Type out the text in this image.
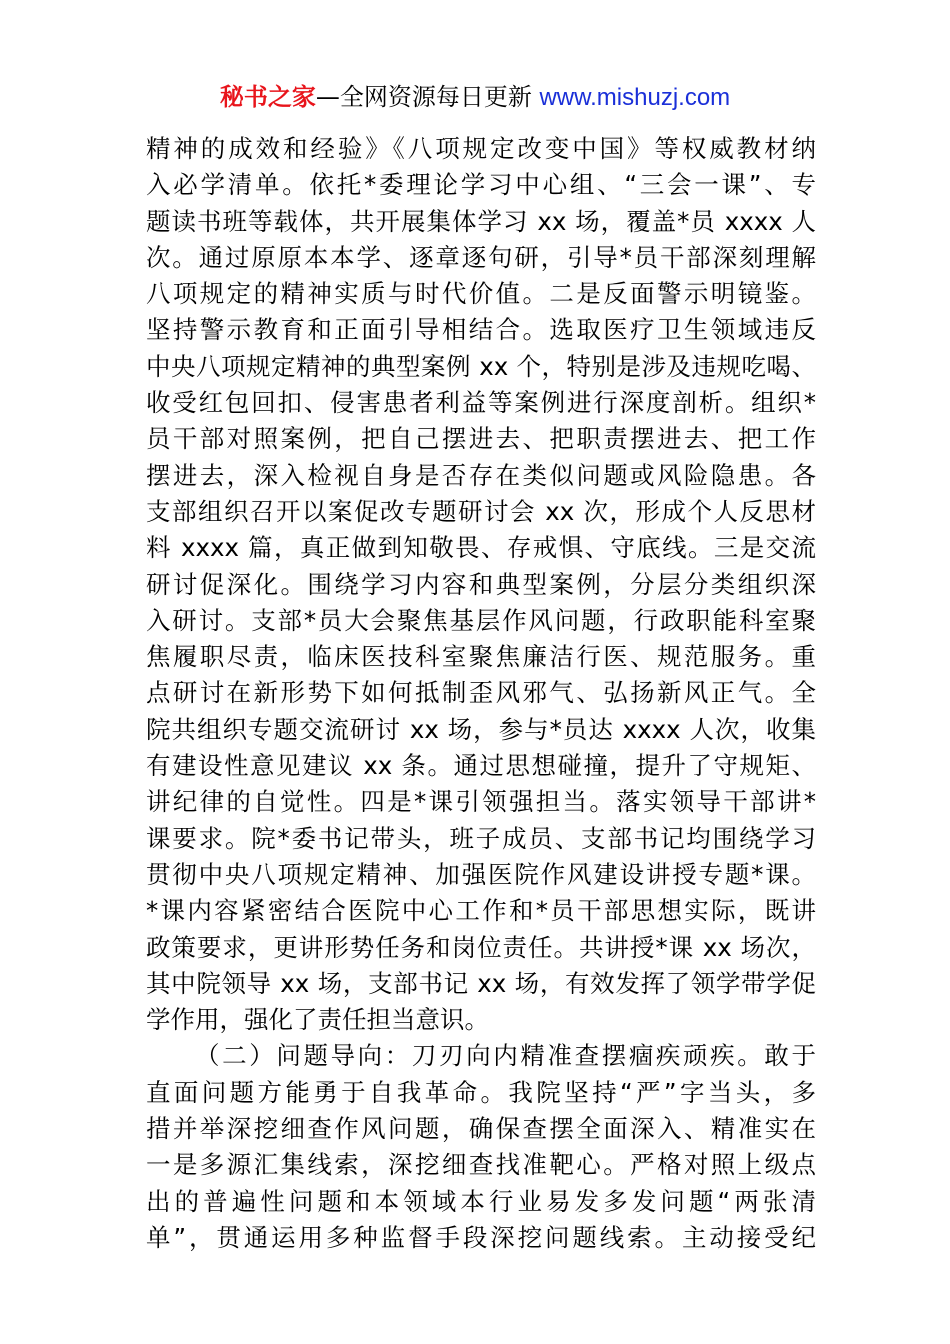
秘书之家—全网资源每日更新 www.mishuzj.com
精神的成效和经验》《八项规定改变中国》等权威教材纳
入必学清单。依托*委理论学习中心组、“三会一课”、专
题读书班等载体，共开展集体学习 xx 场，覆盖*员 xxxx 人
次。通过原原本本学、逐章逐句研，引导*员干部深刻理解
八项规定的精神实质与时代价值。二是反面警示明镜鉴。
坚持警示教育和正面引导相结合。选取医疗卫生领域违反
中央八项规定精神的典型案例 xx 个，特别是涉及违规吃喝、
收受红包回扣、侵害患者利益等案例进行深度剖析。组织*
员干部对照案例，把自己摆进去、把职责摆进去、把工作
摆进去，深入检视自身是否存在类似问题或风险隐患。各
支部组织召开以案促改专题研讨会 xx 次，形成个人反思材
料 xxxx 篇，真正做到知敬畏、存戒惧、守底线。三是交流
研讨促深化。围绕学习内容和典型案例，分层分类组织深
入研讨。支部*员大会聚焦基层作风问题，行政职能科室聚
焦履职尽责，临床医技科室聚焦廉洁行医、规范服务。重
点研讨在新形势下如何抵制歪风邪气、弘扬新风正气。全
院共组织专题交流研讨 xx 场，参与*员达 xxxx 人次，收集
有建设性意见建议 xx 条。通过思想碰撞，提升了守规矩、
讲纪律的自觉性。四是*课引领强担当。落实领导干部讲*
课要求。院*委书记带头，班子成员、支部书记均围绕学习
贯彻中央八项规定精神、加强医院作风建设讲授专题*课。
*课内容紧密结合医院中心工作和*员干部思想实际，既讲
政策要求，更讲形势任务和岗位责任。共讲授*课 xx 场次，
其中院领导 xx 场，支部书记 xx 场，有效发挥了领学带学促
学作用，强化了责任担当意识。
（二）问题导向：刀刃向内精准查摆痼疾顽疾。敢于
直面问题方能勇于自我革命。我院坚持“严”字当头，多
措并举深挖细查作风问题，确保查摆全面深入、精准实在
一是多源汇集线索，深挖细查找准靶心。严格对照上级点
出的普遍性问题和本领域本行业易发多发问题“两张清
单”，贯通运用多种监督手段深挖问题线索。主动接受纪
